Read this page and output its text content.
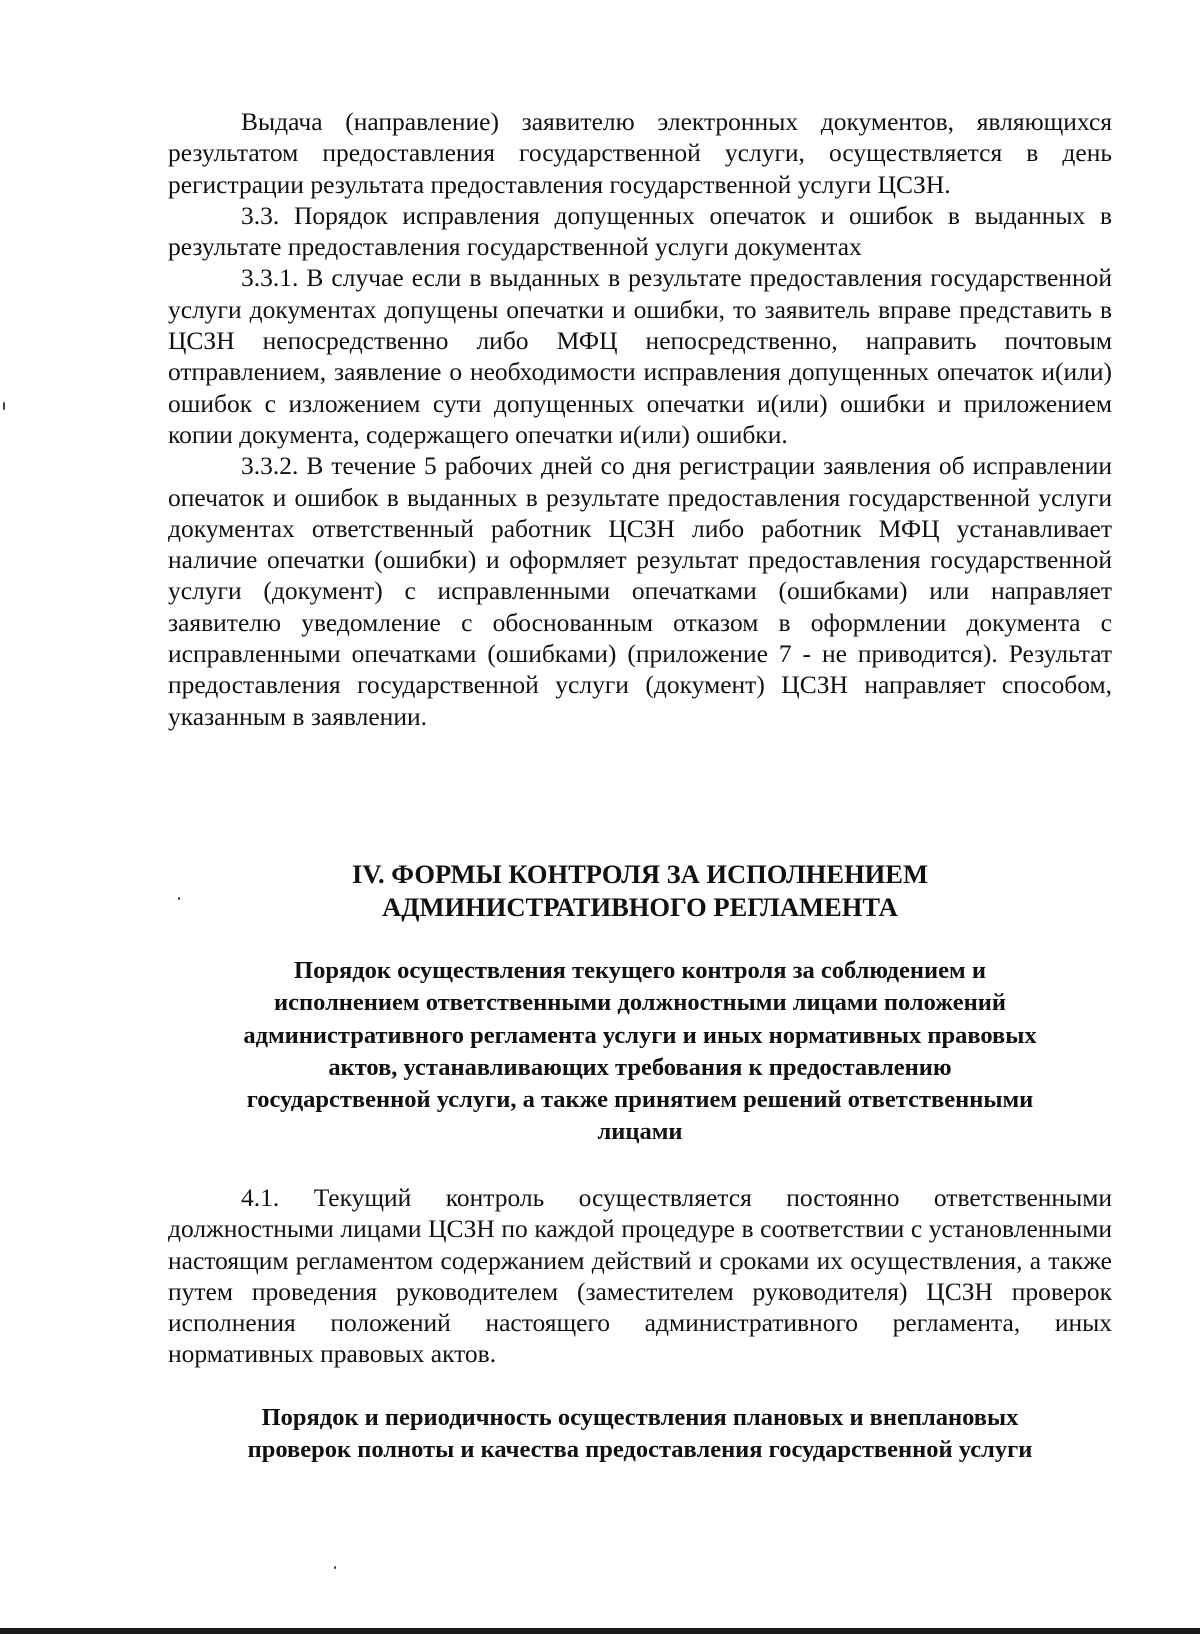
Выдача (направление) заявителю электронных документов, являющихся результатом предоставления государственной услуги, осуществляется в день регистрации результата предоставления государственной услуги ЦСЗН.

3.3. Порядок исправления допущенных опечаток и ошибок в выданных в результате предоставления государственной услуги документах

3.3.1. В случае если в выданных в результате предоставления государственной услуги документах допущены опечатки и ошибки, то заявитель вправе представить в ЦСЗН непосредственно либо МФЦ непосредственно, направить почтовым отправлением, заявление о необходимости исправления допущенных опечаток и(или) ошибок с изложением сути допущенных опечатки и(или) ошибки и приложением копии документа, содержащего опечатки и(или) ошибки.

3.3.2. В течение 5 рабочих дней со дня регистрации заявления об исправлении опечаток и ошибок в выданных в результате предоставления государственной услуги документах ответственный работник ЦСЗН либо работник МФЦ устанавливает наличие опечатки (ошибки) и оформляет результат предоставления государственной услуги (документ) с исправленными опечатками (ошибками) или направляет заявителю уведомление с обоснованным отказом в оформлении документа с исправленными опечатками (ошибками) (приложение 7 - не приводится). Результат предоставления государственной услуги (документ) ЦСЗН направляет способом, указанным в заявлении.

IV. ФОРМЫ КОНТРОЛЯ ЗА ИСПОЛНЕНИЕМ
АДМИНИСТРАТИВНОГО РЕГЛАМЕНТА
Порядок осуществления текущего контроля за соблюдением и
исполнением ответственными должностными лицами положений
административного регламента услуги и иных нормативных правовых
актов, устанавливающих требования к предоставлению
государственной услуги, а также принятием решений ответственными
лицами

4.1. Текущий контроль осуществляется постоянно ответственными должностными лицами ЦСЗН по каждой процедуре в соответствии с установленными настоящим регламентом содержанием действий и сроками их осуществления, а также путем проведения руководителем (заместителем руководителя) ЦСЗН проверок исполнения положений настоящего административного регламента, иных нормативных правовых актов.

Порядок и периодичность осуществления плановых и внеплановых
проверок полноты и качества предоставления государственной услуги
